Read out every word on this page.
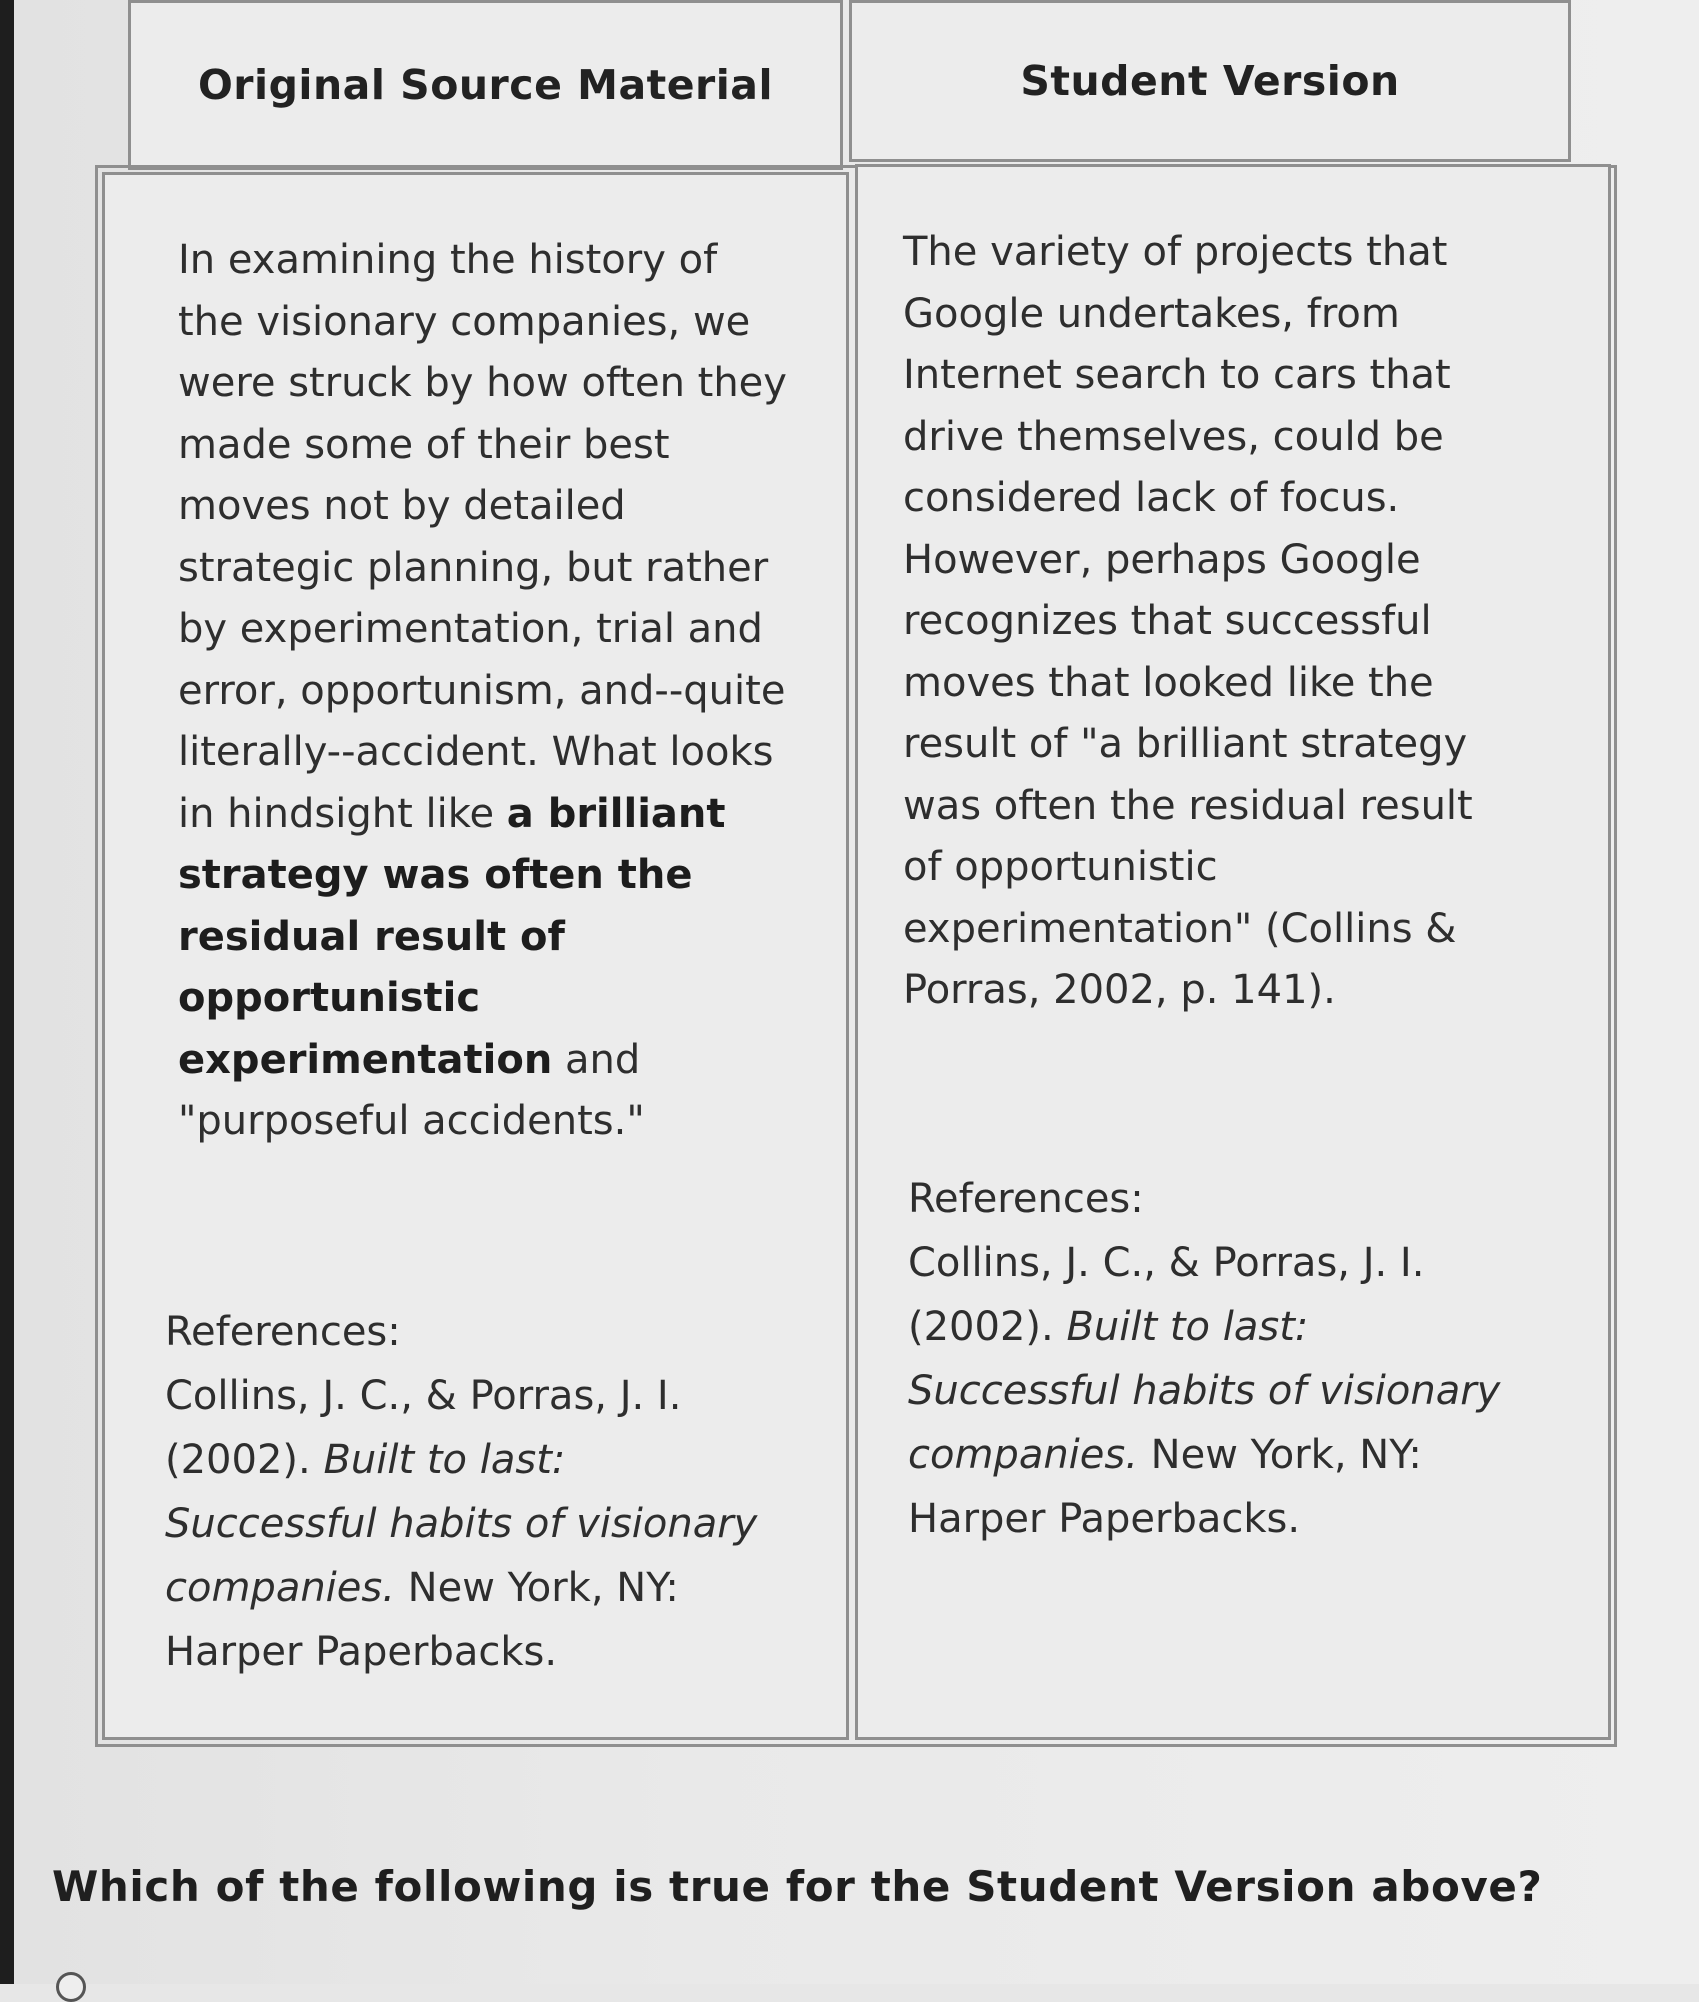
Original Source Material	Student Version
In examining the history of
the visionary companies, we
were struck by how often they
made some of their best
moves not by detailed
strategic planning, but rather
by experimentation, trial and
error, opportunism, and--quite
literally--accident. What looks
in hindsight like a brilliant
strategy was often the
residual result of
opportunistic
experimentation and
"purposeful accidents."
References:
Collins, J. C., & Porras, J. I.
(2002). Built to last:
Successful habits of visionary
companies. New York, NY:
Harper Paperbacks.
The variety of projects that
Google undertakes, from
Internet search to cars that
drive themselves, could be
considered lack of focus.
However, perhaps Google
recognizes that successful
moves that looked like the
result of "a brilliant strategy
was often the residual result
of opportunistic
experimentation" (Collins &
Porras, 2002, p. 141).
References:
Collins, J. C., & Porras, J. I.
(2002). Built to last:
Successful habits of visionary
companies. New York, NY:
Harper Paperbacks.
Which of the following is true for the Student Version above?
